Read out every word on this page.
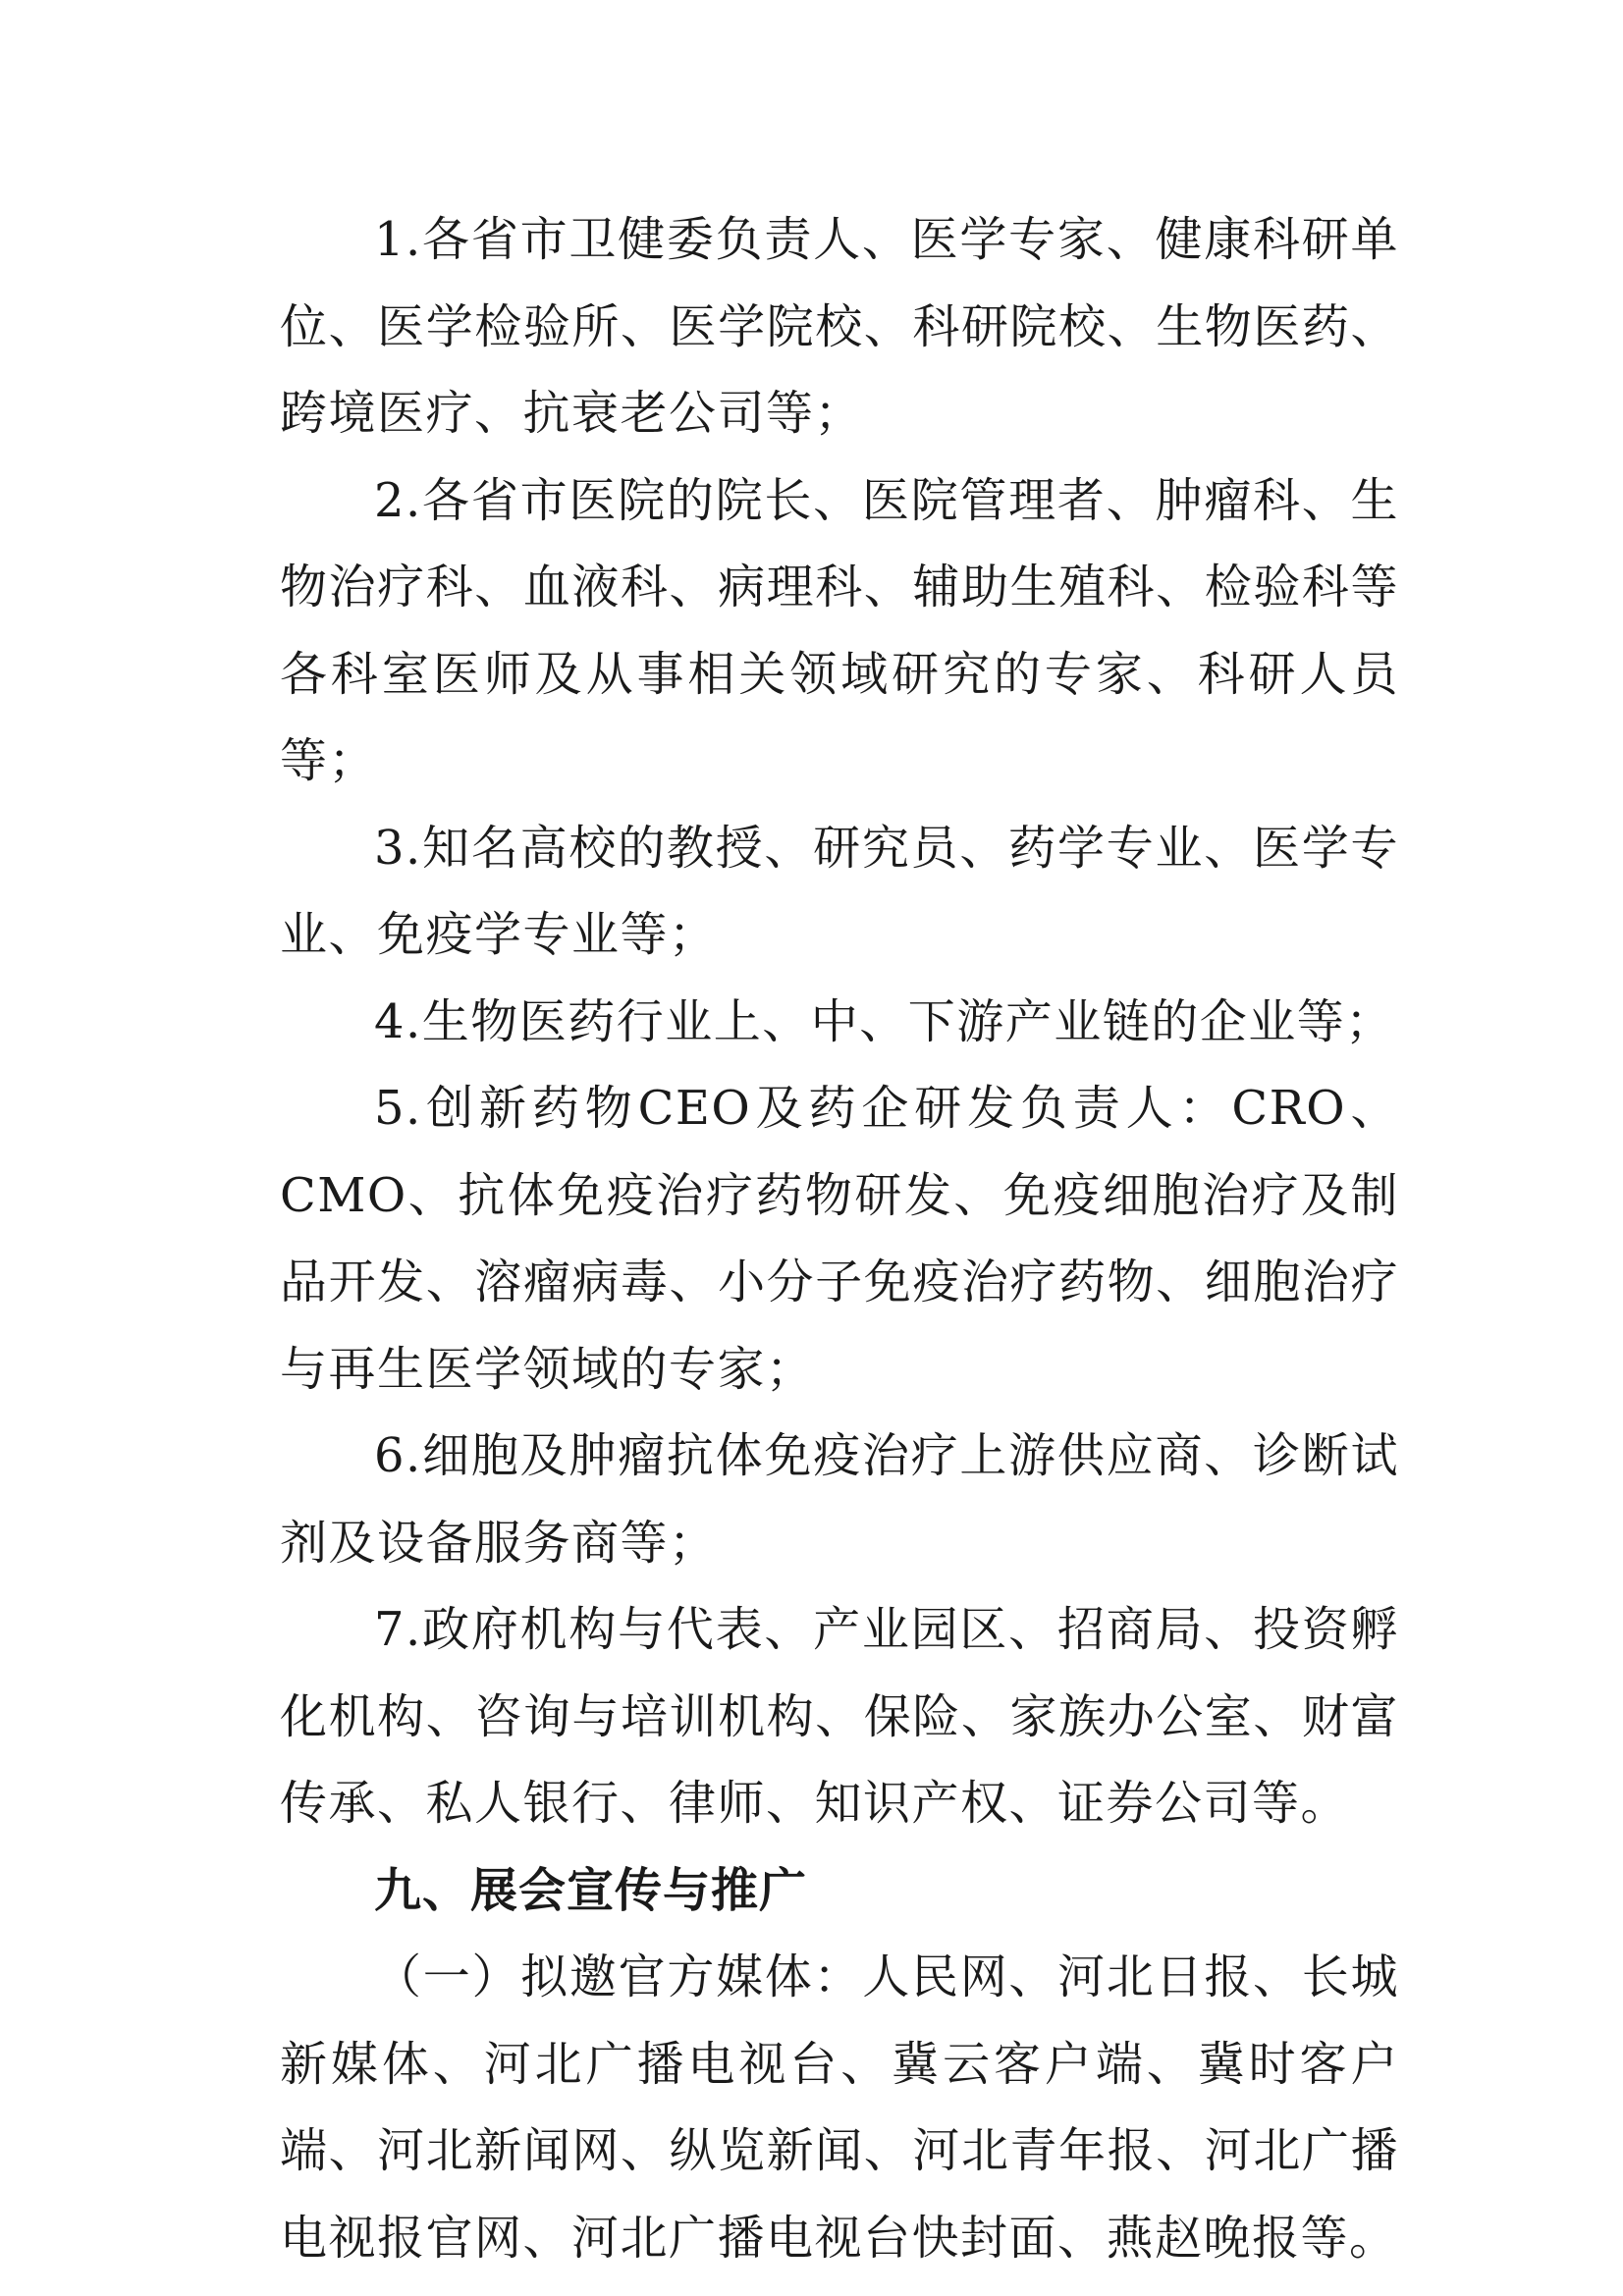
1.各省市卫健委负责人、医学专家、健康科研单位、医学检验所、医学院校、科研院校、生物医药、跨境医疗、抗衰老公司等；

2.各省市医院的院长、医院管理者、肿瘤科、生物治疗科、血液科、病理科、辅助生殖科、检验科等各科室医师及从事相关领域研究的专家、科研人员等；

3.知名高校的教授、研究员、药学专业、医学专业、免疫学专业等；

4.生物医药行业上、中、下游产业链的企业等；

5.创新药物CEO及药企研发负责人：CRO、CMO、抗体免疫治疗药物研发、免疫细胞治疗及制品开发、溶瘤病毒、小分子免疫治疗药物、细胞治疗与再生医学领域的专家；

6.细胞及肿瘤抗体免疫治疗上游供应商、诊断试剂及设备服务商等；

7.政府机构与代表、产业园区、招商局、投资孵化机构、咨询与培训机构、保险、家族办公室、财富传承、私人银行、律师、知识产权、证券公司等。

九、展会宣传与推广

（一）拟邀官方媒体：人民网、河北日报、长城新媒体、河北广播电视台、冀云客户端、冀时客户端、河北新闻网、纵览新闻、河北青年报、河北广播电视报官网、河北广播电视台快封面、燕赵晚报等。
